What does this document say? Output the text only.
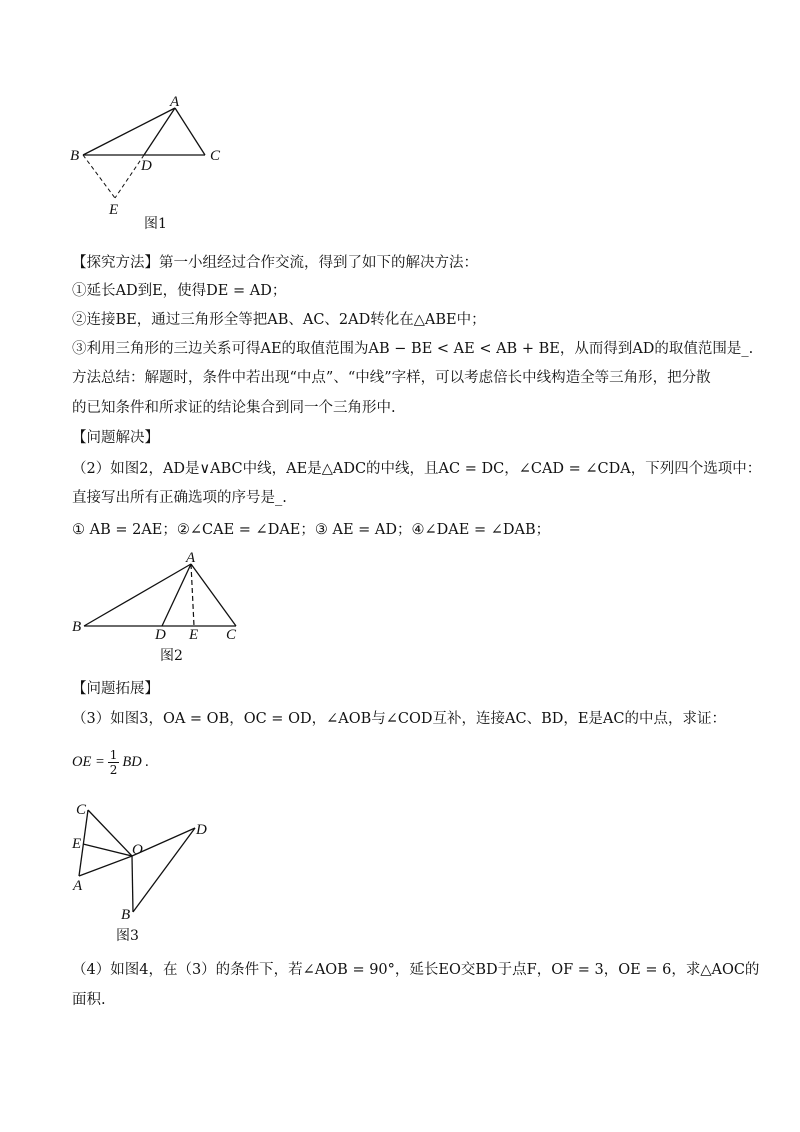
A
B	C
D
E
图1
【探究方法】第一小组经过合作交流，得到了如下的解决方法：
①延长AD到E，使得DE = AD；
②连接BE，通过三角形全等把AB、AC、2AD转化在△ABE中；
③利用三角形的三边关系可得AE的取值范围为AB − BE < AE < AB + BE，从而得到AD的取值范围是_.
方法总结：解题时，条件中若出现“中点”、“中线”字样，可以考虑倍长中线构造全等三角形，把分散
的已知条件和所求证的结论集合到同一个三角形中.
【问题解决】
（2）如图2，AD是∨ABC中线，AE是△ADC的中线，且AC = DC，∠CAD = ∠CDA，下列四个选项中：
直接写出所有正确选项的序号是_.
① AB = 2AE；②∠CAE = ∠DAE；③ AE = AD；④∠DAE = ∠DAB；
A
B	C
D E
图2
【问题拓展】
（3）如图3，OA = OB，OC = OD，∠AOB与∠COD互补，连接AC、BD，E是AC的中点，求证：
OE = $\frac{1}{2}$ BD .
C
E
A
O
D
B
图3
（4）如图4，在（3）的条件下，若∠AOB = 90°，延长EO交BD于点F，OF = 3，OE = 6，求△AOC的
面积.
